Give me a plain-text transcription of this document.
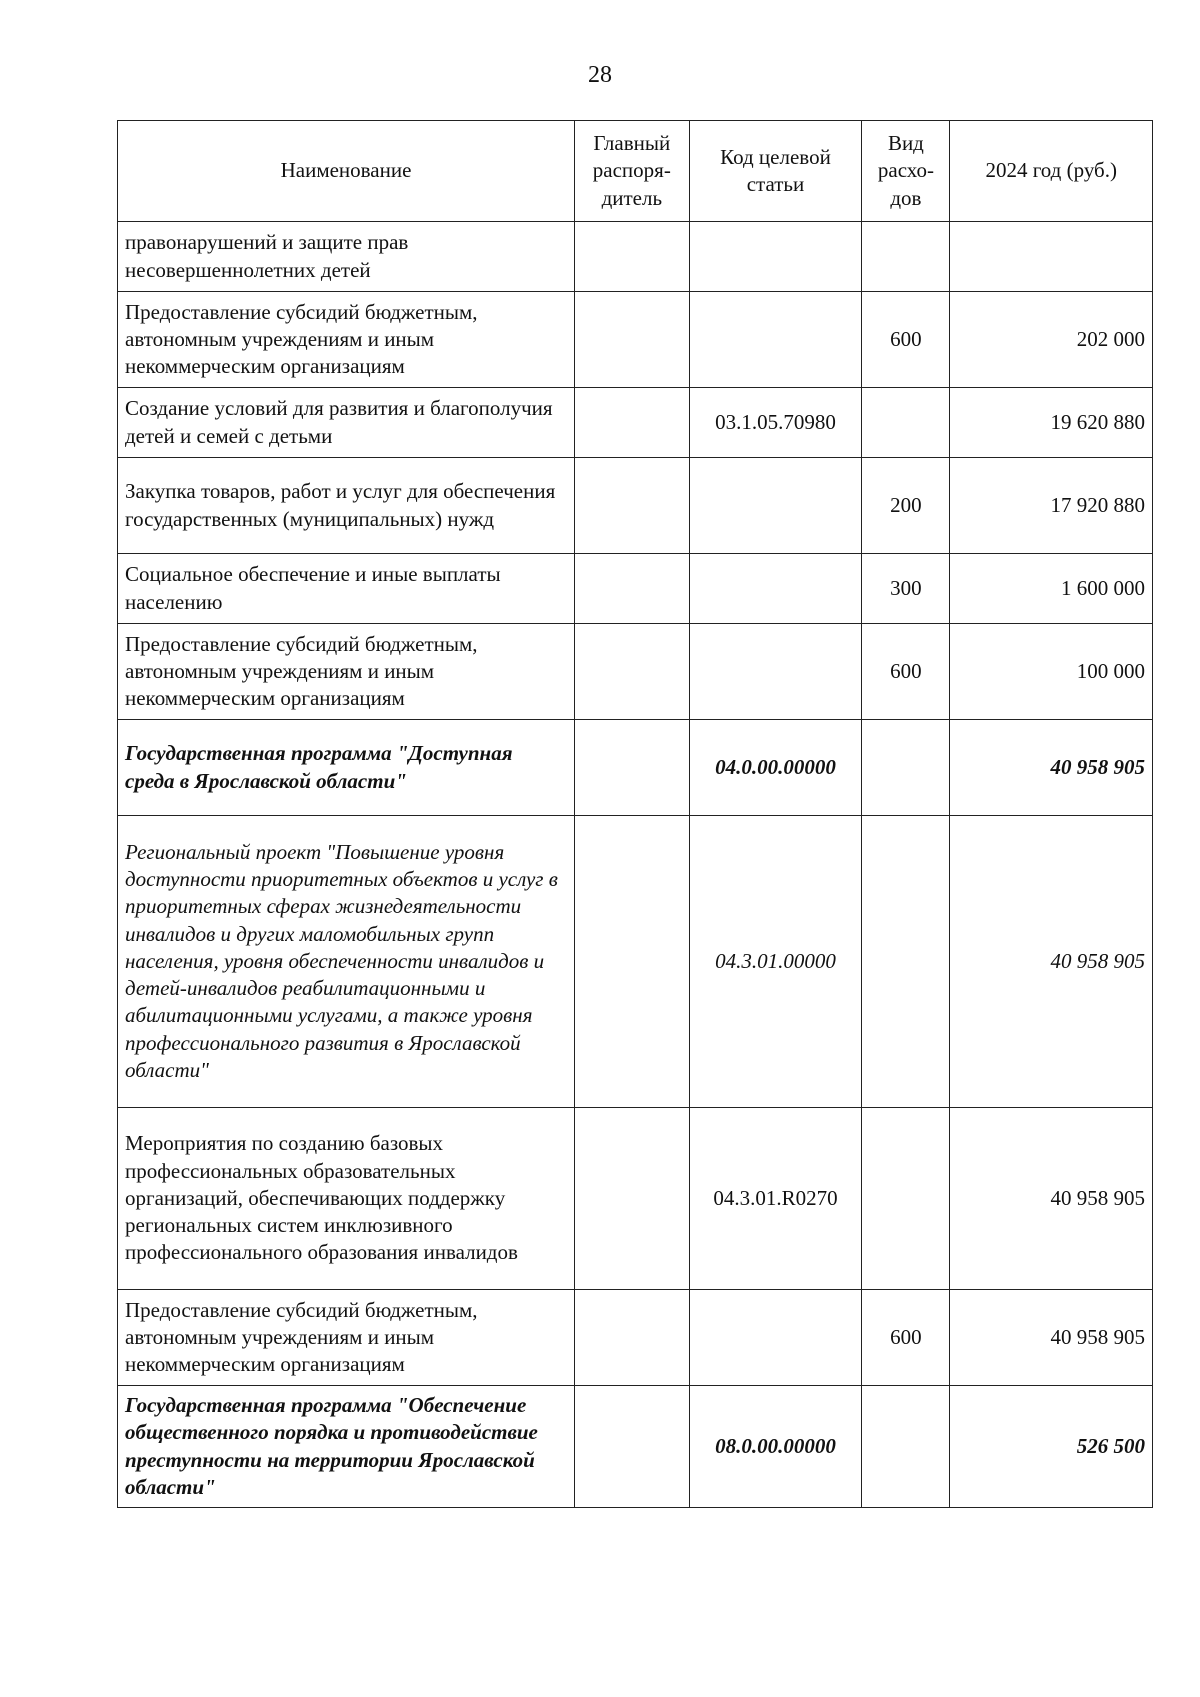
28
Наименование	Главный распоря-дитель	Код целевой статьи	Вид расхо-дов	2024 год (руб.)
правонарушений и защите прав несовершеннолетних детей				
Предоставление субсидий бюджетным, автономным учреждениям и иным некоммерческим организациям			600	202 000
Создание условий для развития и благополучия детей и семей с детьми		03.1.05.70980		19 620 880
Закупка товаров, работ и услуг для обеспечения государственных (муниципальных) нужд			200	17 920 880
Социальное обеспечение и иные выплаты населению			300	1 600 000
Предоставление субсидий бюджетным, автономным учреждениям и иным некоммерческим организациям			600	100 000
Государственная программа "Доступная среда в Ярославской области"		04.0.00.00000		40 958 905
Региональный проект "Повышение уровня доступности приоритетных объектов и услуг в приоритетных сферах жизнедеятельности инвалидов и других маломобильных групп населения, уровня обеспеченности инвалидов и детей-инвалидов реабилитационными и абилитационными услугами, а также уровня профессионального развития в Ярославской области"		04.3.01.00000		40 958 905
Мероприятия по созданию базовых профессиональных образовательных организаций, обеспечивающих поддержку региональных систем инклюзивного профессионального образования инвалидов		04.3.01.R0270		40 958 905
Предоставление субсидий бюджетным, автономным учреждениям и иным некоммерческим организациям			600	40 958 905
Государственная программа "Обеспечение общественного порядка и противодействие преступности на территории Ярославской области"		08.0.00.00000		526 500
